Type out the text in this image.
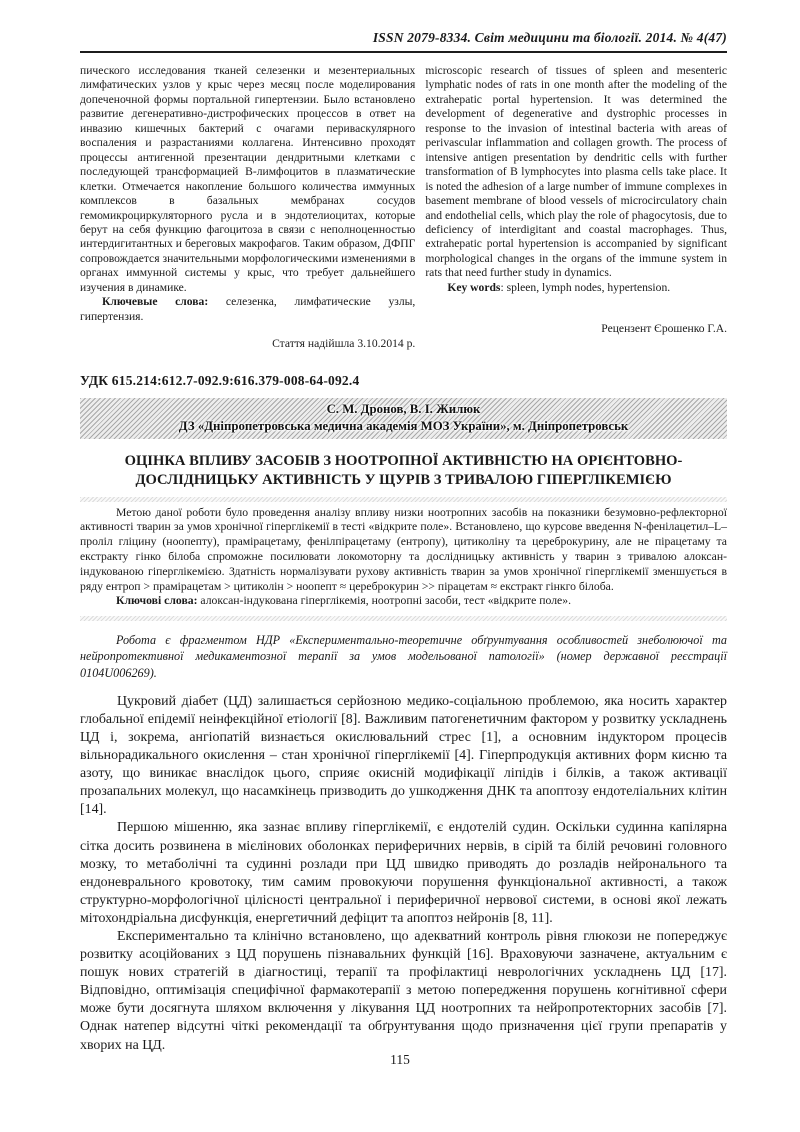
ISSN 2079-8334. Світ медицини та біології. 2014. № 4(47)

пического исследования тканей селезенки и мезентериальных лимфатических узлов у крыс через месяц после моделирования допеченочной формы портальной гипертензии. Было встановлено развитие дегенеративно-дистрофических процессов в ответ на инвазию кишечных бактерий с очагами периваскулярного воспаления и разрастаниями коллагена. Интенсивно проходят процессы антигенной презентации дендритными клетками с последующей трансформацией В-лимфоцитов в плазматические клетки. Отмечается накопление большого количества иммунных комплексов в базальных мембранах сосудов гемомикроциркуляторного русла и в эндотелиоцитах, которые берут на себя функцию фагоцитоза в связи с неполноценностью интердигитантных и береговых макрофагов. Таким образом, ДФПГ сопровождается значительными морфологическими изменениями в органах иммунной системы у крыс, что требует дальнейшего изучения в динамике.

Ключевые слова: селезенка, лимфатические узлы, гипертензия.

Стаття надійшла 3.10.2014 р.

microscopic research of tissues of spleen and mesenteric lymphatic nodes of rats in one month after the modeling of the extrahepatic portal hypertension. It was determined the development of degenerative and dystrophic processes in response to the invasion of intestinal bacteria with areas of perivascular inflammation and collagen growth. The process of intensive antigen presentation by dendritic cells with further transformation of B lymphocytes into plasma cells take place. It is noted the adhesion of a large number of immune complexes in basement membrane of blood vessels of microcirculatory chain and endothelial cells, which play the role of phagocytosis, due to deficiency of interdigitant and coastal macrophages. Thus, extrahepatic portal hypertension is accompanied by significant morphological changes in the organs of the immune system in rats that need further study in dynamics.

Key words: spleen, lymph nodes, hypertension.

Рецензент Єрошенко Г.А.

УДК 615.214:612.7-092.9:616.379-008-64-092.4
С. М. Дронов, В. І. Жилюк
ДЗ «Дніпропетровська медична академія МОЗ України», м. Дніпропетровськ
ОЦІНКА ВПЛИВУ ЗАСОБІВ З НООТРОПНОЇ АКТИВНІСТЮ НА ОРІЄНТОВНО-ДОСЛІДНИЦЬКУ АКТИВНІСТЬ У ЩУРІВ З ТРИВАЛОЮ ГІПЕРГЛІКЕМІЄЮ

Метою даної роботи було проведення аналізу впливу низки ноотропних засобів на показники безумовно-рефлекторної активності тварин за умов хронічної гіперглікемії в тесті «відкрите поле». Встановлено, що курсове введення N-фенілацетил–L–проліл гліцину (ноопепту), прамірацетаму, фенілпірацетаму (ентропу), цитиколіну та цереброкурину, але не пірацетаму та екстракту гінко білоба спроможне посилювати локомоторну та дослідницьку активність у тварин з тривалою алоксан-індукованою гіперглікемією. Здатність нормалізувати рухову активність тварин за умов хронічної гіперглікемії зменшується в ряду ентроп > прамірацетам > цитиколін > ноопепт ≈ цереброкурин >> пірацетам ≈ екстракт гінкго білоба.

Ключові слова: алоксан-індукована гіперглікемія, ноотропні засоби, тест «відкрите поле».

Робота є фрагментом НДР «Експериментально-теоретичне обґрунтування особливостей знеболюючої та нейропротективної медикаментозної терапії за умов модельованої патології» (номер державної реєстрації 0104U006269).

Цукровий діабет (ЦД) залишається серйозною медико-соціальною проблемою, яка носить характер глобальної епідемії неінфекційної етіології [8]. Важливим патогенетичним фактором у розвитку ускладнень ЦД і, зокрема, ангіопатій визнається окислювальний стрес [1], а основним індуктором процесів вільнорадикального окислення – стан хронічної гіперглікемії [4]. Гіперпродукція активних форм кисню та азоту, що виникає внаслідок цього, сприяє окисній модифікації ліпідів і білків, а також активації прозапальних молекул, що насамкінець призводить до ушкодження ДНК та апоптозу ендотеліальних клітин [14].

Першою мішенню, яка зазнає впливу гіперглікемії, є ендотелій судин. Оскільки судинна капілярна сітка досить розвинена в мієлінових оболонках периферичних нервів, в сірій та білій речовині головного мозку, то метаболічні та судинні розлади при ЦД швидко приводять до розладів нейронального та ендоневрального кровотоку, тим самим провокуючи порушення функціональної активності, а також структурно-морфологічної цілісності центральної і периферичної нервової системи, в основі якої лежать мітохондріальна дисфункція, енергетичний дефіцит та апоптоз нейронів [8, 11].

Експериментально та клінічно встановлено, що адекватний контроль рівня глюкози не попереджує розвитку асоційованих з ЦД порушень пізнавальних функцій [16]. Враховуючи зазначене, актуальним є пошук нових стратегій в діагностиці, терапії та профілактиці неврологічних ускладнень ЦД [17]. Відповідно, оптимізація специфічної фармакотерапії з метою попередження порушень когнітивної сфери може бути досягнута шляхом включення у лікування ЦД ноотропних та нейропротекторних засобів [7]. Однак натепер відсутні чіткі рекомендації та обґрунтування щодо призначення цієї групи препаратів у хворих на ЦД.

115
